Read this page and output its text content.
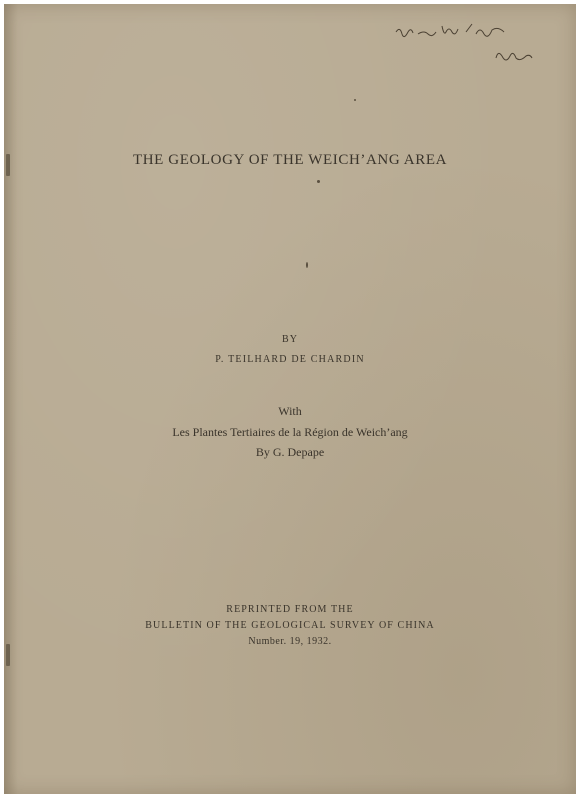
THE GEOLOGY OF THE WEICH’ANG AREA
BY
P. TEILHARD DE CHARDIN
With
Les Plantes Tertiaires de la Région de Weich’ang
By G. Depape
REPRINTED FROM THE
BULLETIN OF THE GEOLOGICAL SURVEY OF CHINA
Number. 19, 1932.
